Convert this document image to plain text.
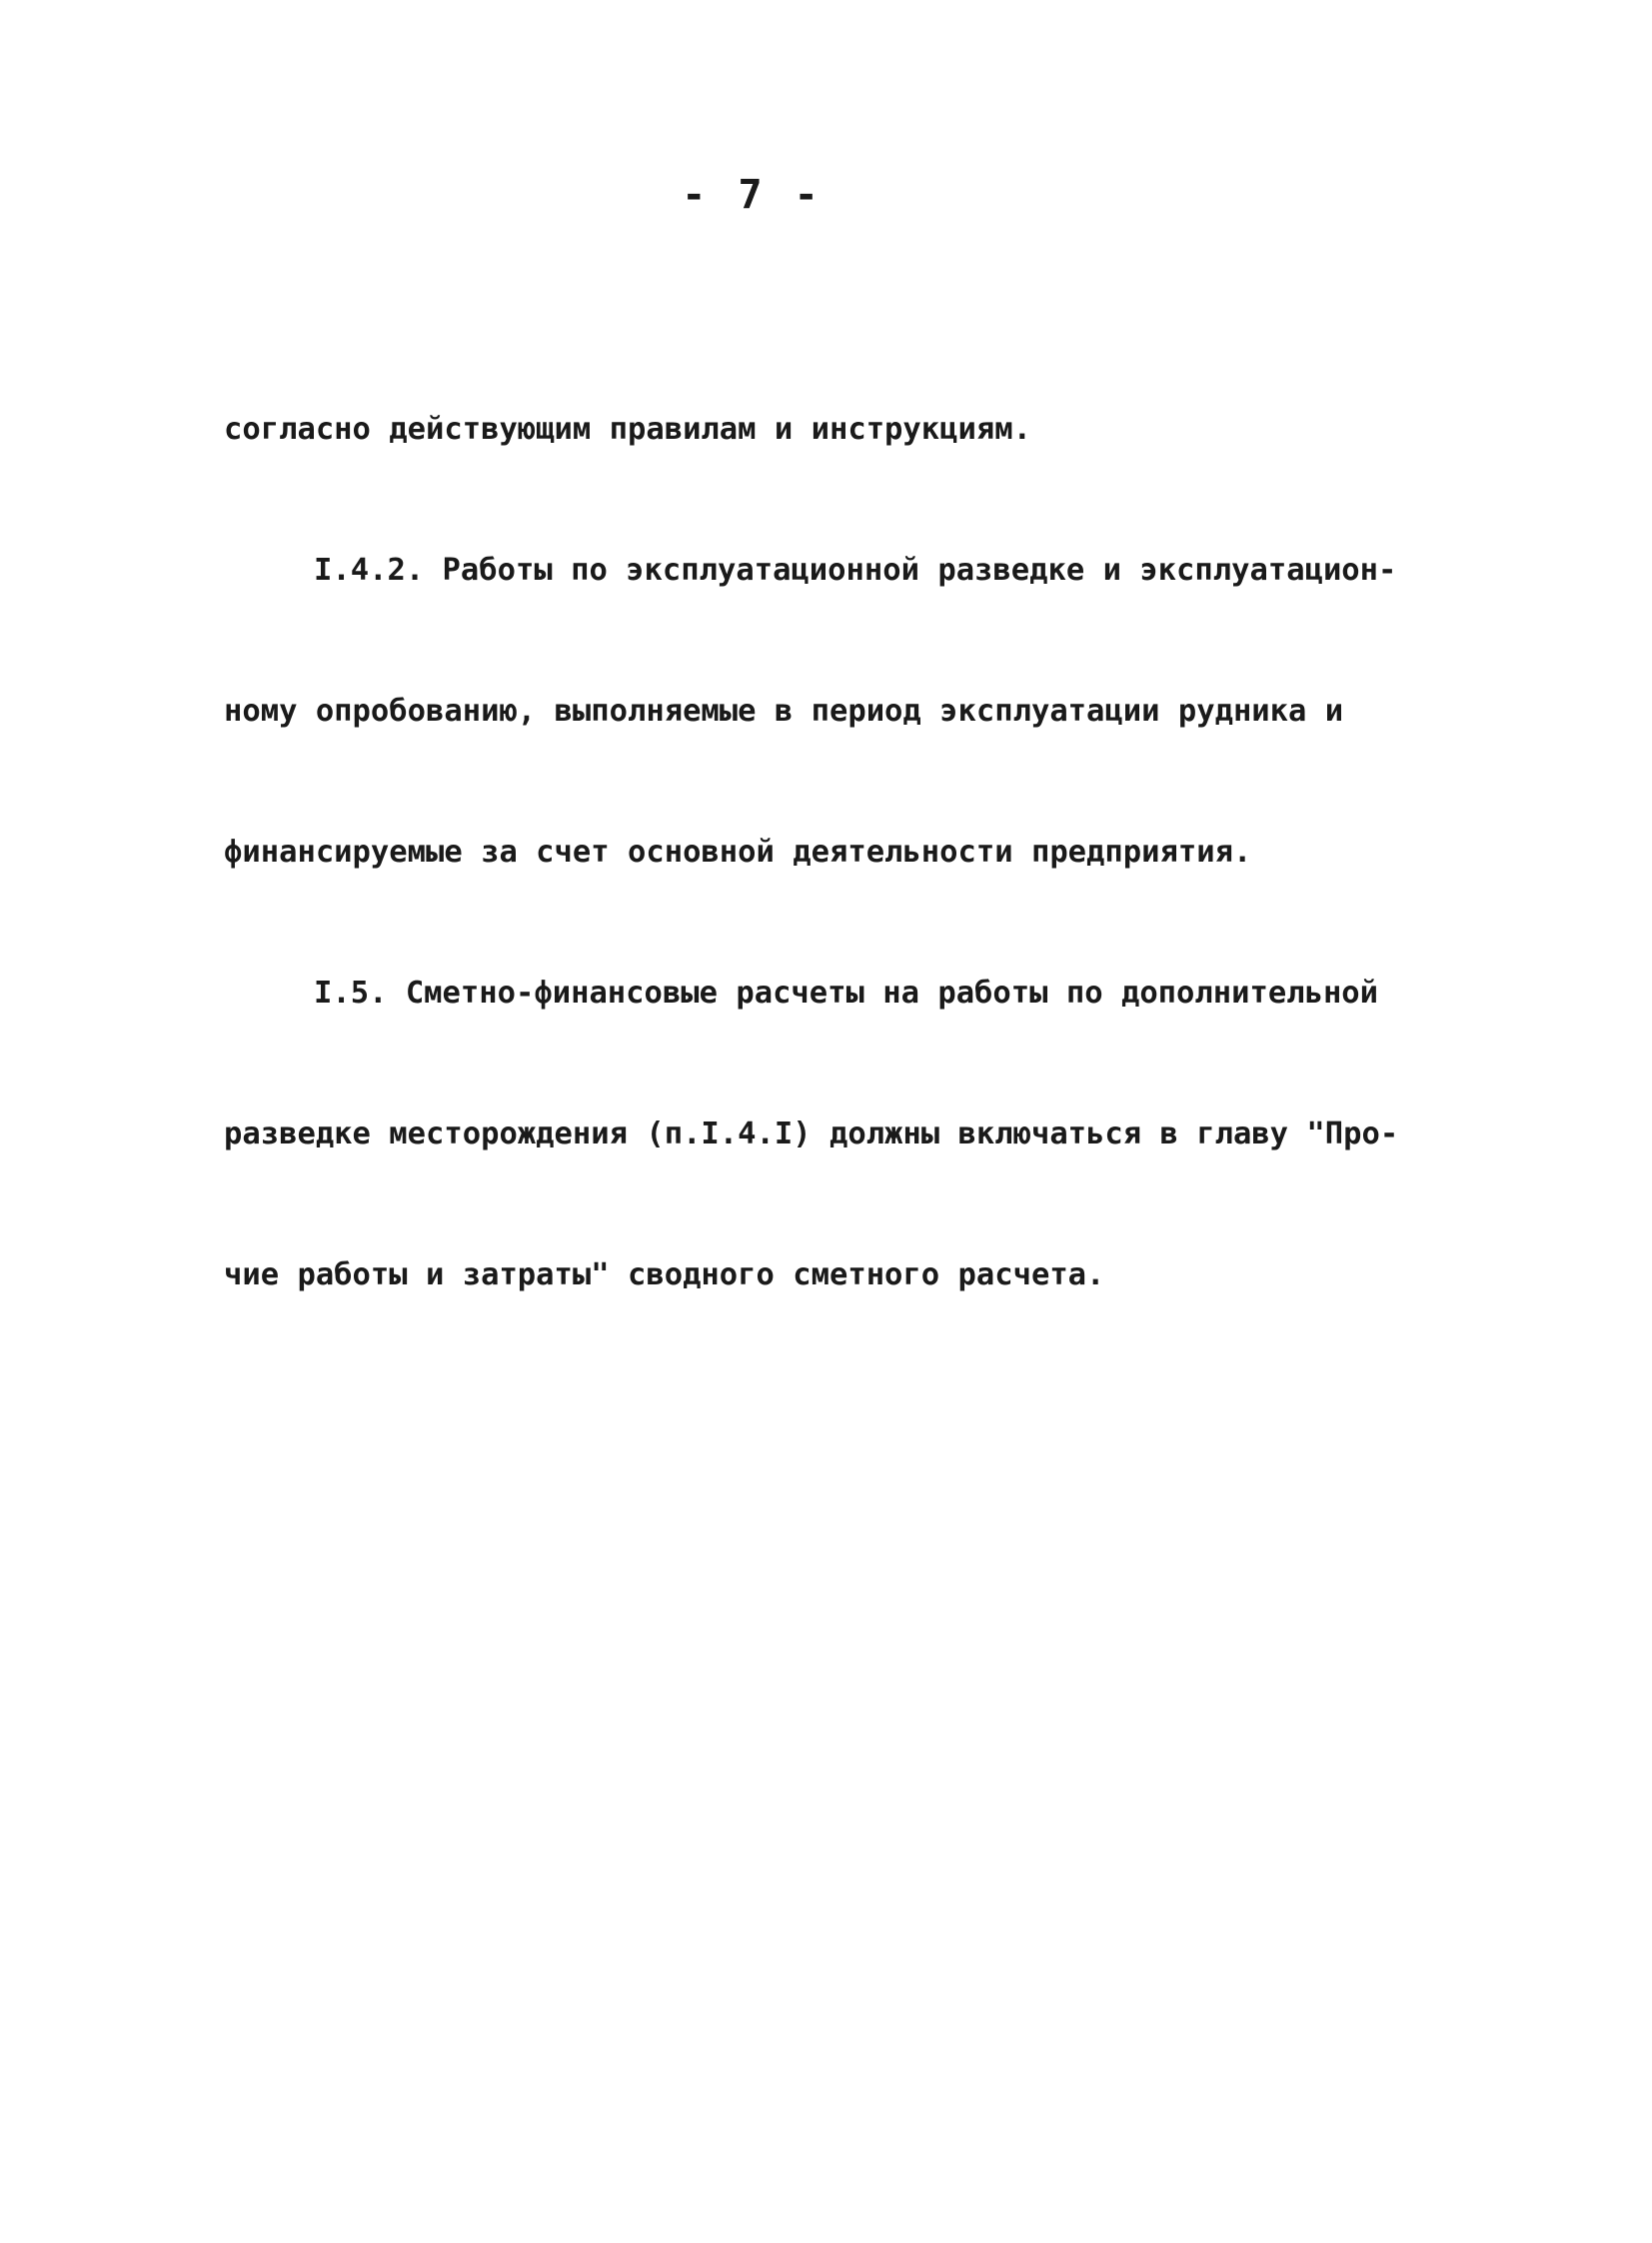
- 7 -

согласно действующим правилам и инструкциям.

I.4.2. Работы по эксплуатационной разведке и эксплуатацион-

ному опробованию, выполняемые в период эксплуатации рудника и

финансируемые за счет основной деятельности предприятия.

I.5. Сметно-финансовые расчеты на работы по дополнительной

разведке месторождения (п.I.4.I) должны включаться в главу "Про-

чие работы и затраты" сводного сметного расчета.
